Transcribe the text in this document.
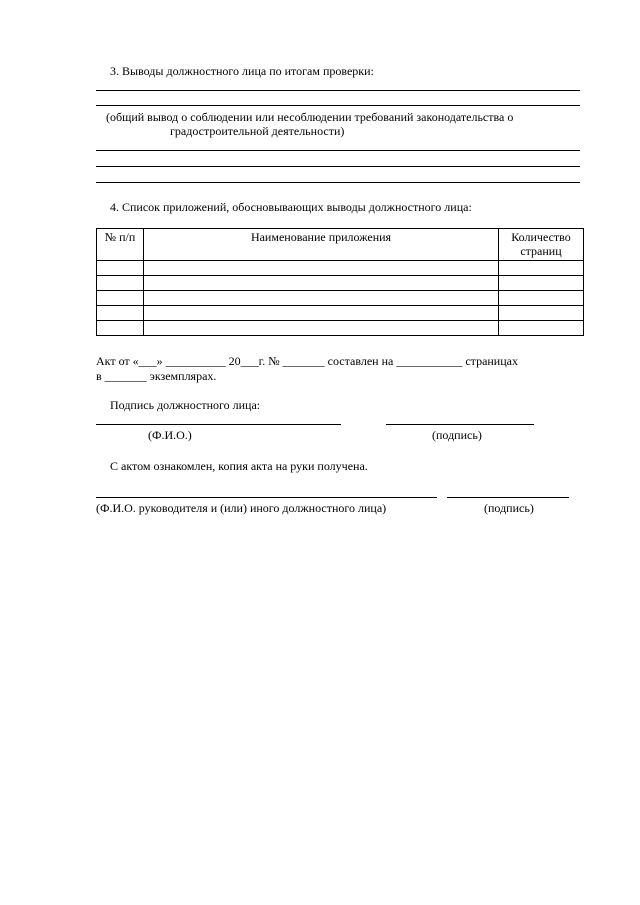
3. Выводы должностного лица по итогам проверки:
(общий вывод о соблюдении или несоблюдении требований законодательства о
градостроительной деятельности)
4. Список приложений, обосновывающих выводы должностного лица:
№ п/п	Наименование приложения	Количество страниц

Акт от «___» __________ 20___г. № _______ составлен на ___________ страницах
в _______ экземплярах.
Подпись должностного лица:
(Ф.И.О.)	(подпись)
С актом ознакомлен, копия акта на руки получена.
(Ф.И.О. руководителя и (или) иного должностного лица)	(подпись)
